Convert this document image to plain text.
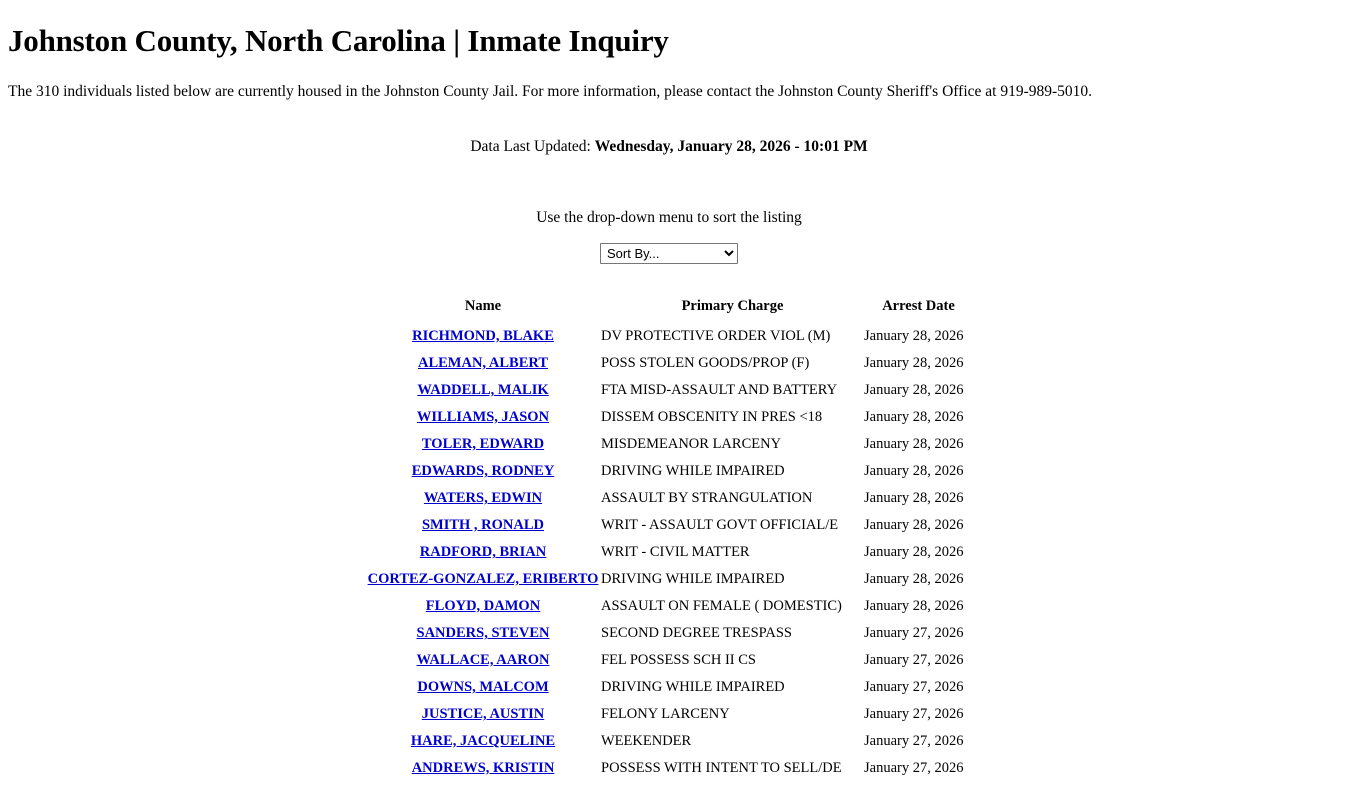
Johnston County, North Carolina | Inmate Inquiry

The 310 individuals listed below are currently housed in the Johnston County Jail. For more information, please contact the Johnston County Sheriff's Office at 919-989-5010.

Data Last Updated: Wednesday, January 28, 2026 - 10:01 PM

Use the drop-down menu to sort the listing

Sort By...
Name	Primary Charge	Arrest Date
RICHMOND, BLAKE	DV PROTECTIVE ORDER VIOL (M)	January 28, 2026
ALEMAN, ALBERT	POSS STOLEN GOODS/PROP (F)	January 28, 2026
WADDELL, MALIK	FTA MISD-ASSAULT AND BATTERY	January 28, 2026
WILLIAMS, JASON	DISSEM OBSCENITY IN PRES <18	January 28, 2026
TOLER, EDWARD	MISDEMEANOR LARCENY	January 28, 2026
EDWARDS, RODNEY	DRIVING WHILE IMPAIRED	January 28, 2026
WATERS, EDWIN	ASSAULT BY STRANGULATION	January 28, 2026
SMITH , RONALD	WRIT - ASSAULT GOVT OFFICIAL/E	January 28, 2026
RADFORD, BRIAN	WRIT - CIVIL MATTER	January 28, 2026
CORTEZ-GONZALEZ, ERIBERTO	DRIVING WHILE IMPAIRED	January 28, 2026
FLOYD, DAMON	ASSAULT ON FEMALE ( DOMESTIC)	January 28, 2026
SANDERS, STEVEN	SECOND DEGREE TRESPASS	January 27, 2026
WALLACE, AARON	FEL POSSESS SCH II CS	January 27, 2026
DOWNS, MALCOM	DRIVING WHILE IMPAIRED	January 27, 2026
JUSTICE, AUSTIN	FELONY LARCENY	January 27, 2026
HARE, JACQUELINE	WEEKENDER	January 27, 2026
ANDREWS, KRISTIN	POSSESS WITH INTENT TO SELL/DE	January 27, 2026
